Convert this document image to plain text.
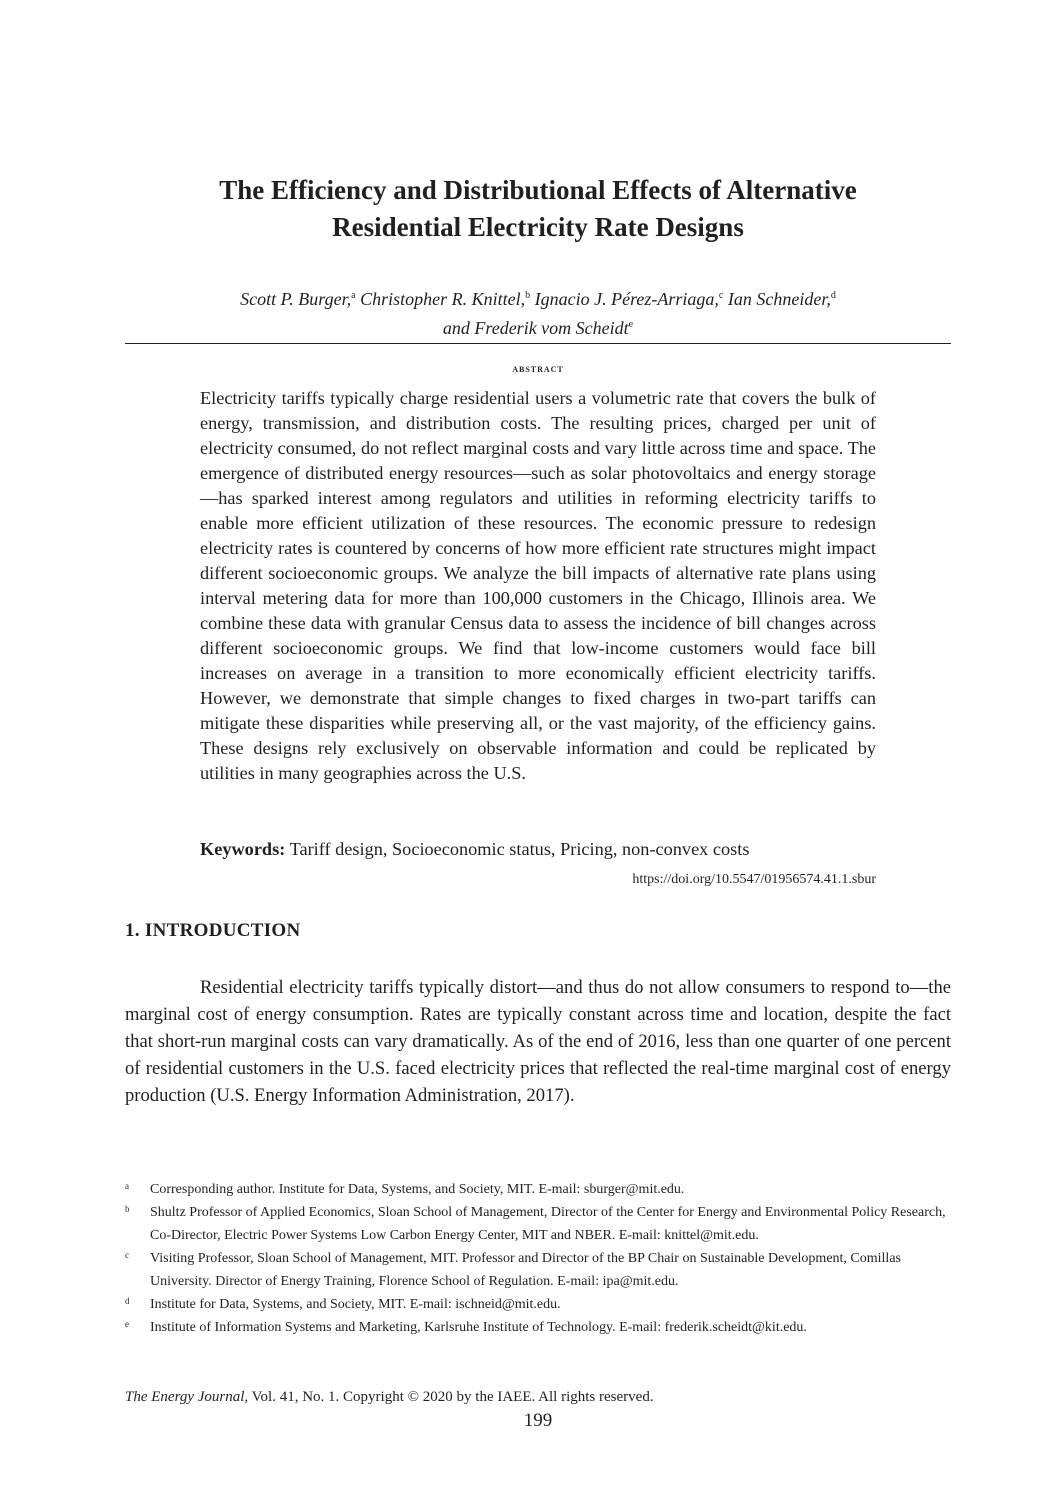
The Efficiency and Distributional Effects of Alternative
Residential Electricity Rate Designs
Scott P. Burger,$^a$ Christopher R. Knittel,$^b$ Ignacio J. Pérez-Arriaga,$^c$ Ian Schneider,$^d$
and Frederik vom Scheidt$^e$
abstract
Electricity tariffs typically charge residential users a volumetric rate that covers the bulk of energy, transmission, and distribution costs. The resulting prices, charged per unit of electricity consumed, do not reflect marginal costs and vary little across time and space. The emergence of distributed energy resources—such as solar photovoltaics and energy storage—has sparked interest among regulators and utilities in reforming electricity tariffs to enable more efficient utilization of these resources. The economic pressure to redesign electricity rates is countered by concerns of how more efficient rate structures might impact different socioeconomic groups. We analyze the bill impacts of alternative rate plans using interval metering data for more than 100,000 customers in the Chicago, Illinois area. We combine these data with granular Census data to assess the incidence of bill changes across different socioeconomic groups. We find that low-income customers would face bill increases on average in a transition to more economically efficient electricity tariffs. However, we demonstrate that simple changes to fixed charges in two-part tariffs can mitigate these disparities while preserving all, or the vast majority, of the efficiency gains. These designs rely exclusively on observable information and could be replicated by utilities in many geographies across the U.S.
Keywords: Tariff design, Socioeconomic status, Pricing, non-convex costs
https://doi.org/10.5547/01956574.41.1.sbur
1. INTRODUCTION
Residential electricity tariffs typically distort—and thus do not allow consumers to respond to—the marginal cost of energy consumption. Rates are typically constant across time and location, despite the fact that short-run marginal costs can vary dramatically. As of the end of 2016, less than one quarter of one percent of residential customers in the U.S. faced electricity prices that reflected the real-time marginal cost of energy production (U.S. Energy Information Administration, 2017).
a Corresponding author. Institute for Data, Systems, and Society, MIT. E-mail: sburger@mit.edu.
b Shultz Professor of Applied Economics, Sloan School of Management, Director of the Center for Energy and Environmental Policy Research, Co-Director, Electric Power Systems Low Carbon Energy Center, MIT and NBER. E-mail: knittel@mit.edu.
c Visiting Professor, Sloan School of Management, MIT. Professor and Director of the BP Chair on Sustainable Development, Comillas University. Director of Energy Training, Florence School of Regulation. E-mail: ipa@mit.edu.
d Institute for Data, Systems, and Society, MIT. E-mail: ischneid@mit.edu.
e Institute of Information Systems and Marketing, Karlsruhe Institute of Technology. E-mail: frederik.scheidt@kit.edu.
The Energy Journal, Vol. 41, No. 1. Copyright © 2020 by the IAEE. All rights reserved.
199
